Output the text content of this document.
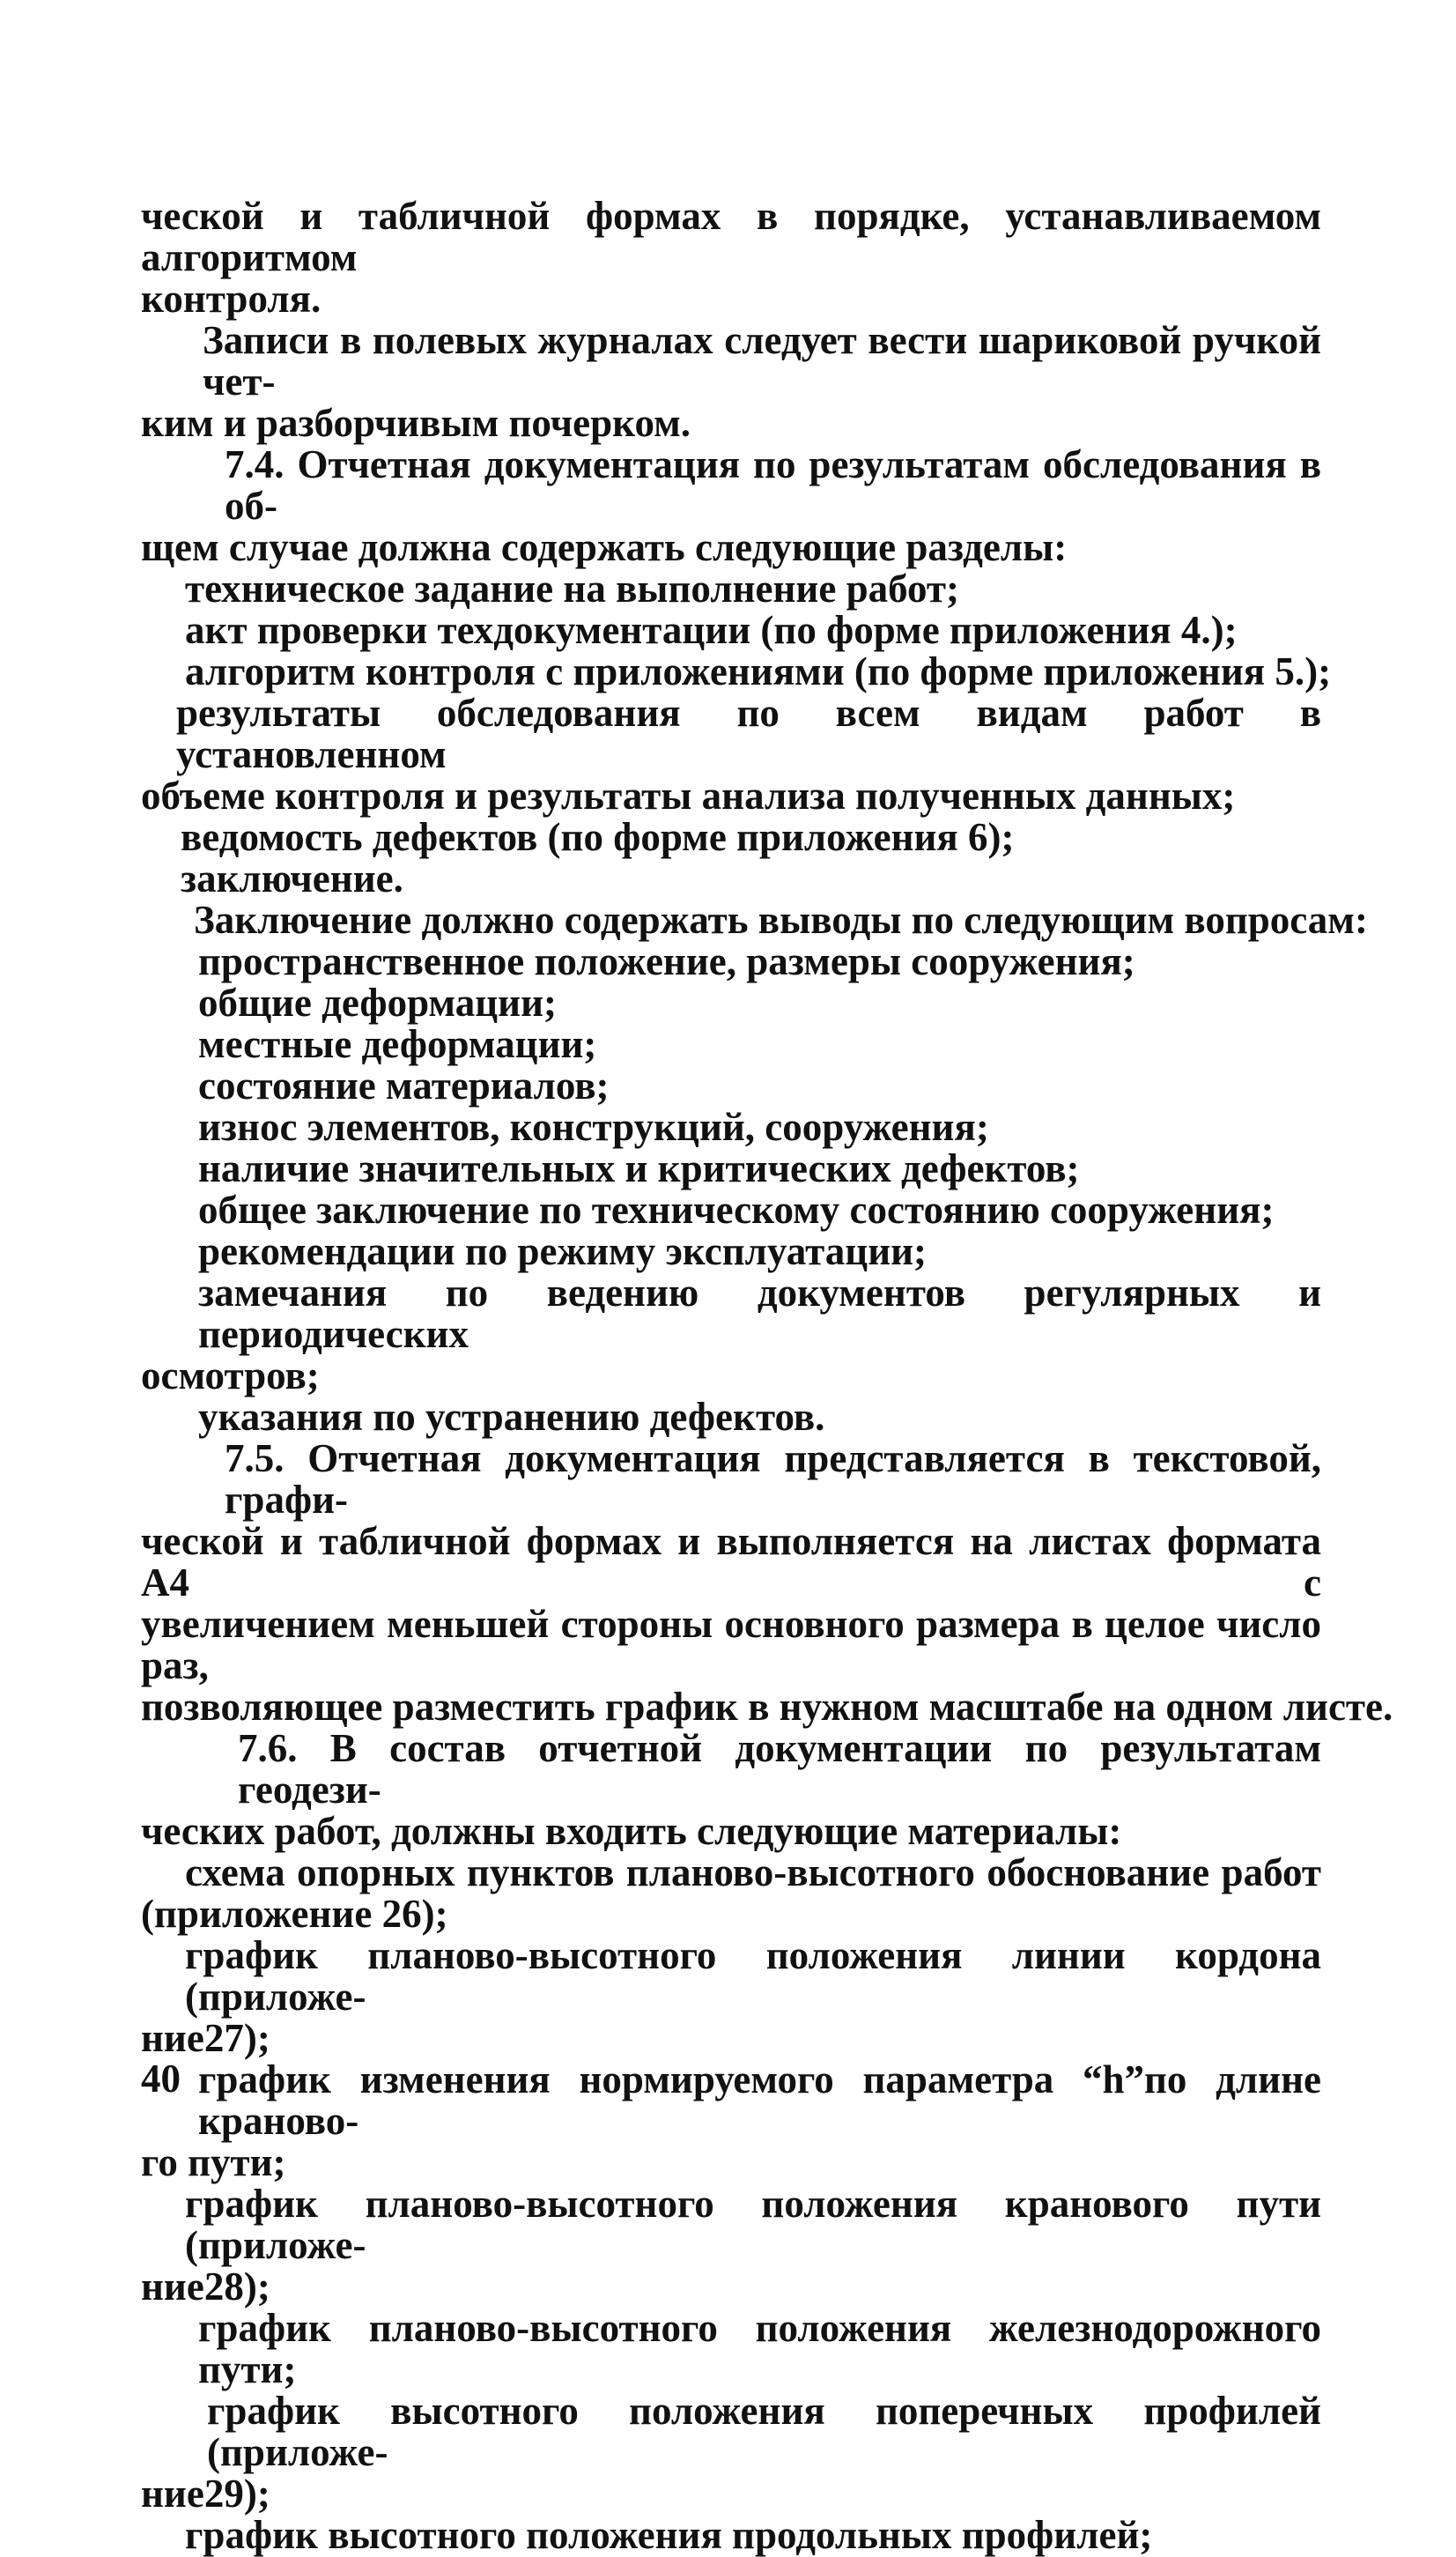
ческой и табличной формах в порядке, устанавливаемом алгоритмом

контроля.

Записи в полевых журналах следует вести шариковой ручкой чет-

ким и разборчивым почерком.

7.4. Отчетная документация по результатам обследования в об-

щем случае должна содержать следующие разделы:

техническое задание на выполнение работ;

акт проверки техдокументации (по форме приложения 4.);

алгоритм контроля с приложениями (по форме приложения 5.);

результаты обследования по всем видам работ в установленном

объеме контроля и результаты анализа полученных данных;

ведомость дефектов (по форме приложения 6);

заключение.

Заключение должно содержать выводы по следующим вопросам:

пространственное положение, размеры сооружения;

общие деформации;

местные деформации;

состояние материалов;

износ элементов, конструкций, сооружения;

наличие значительных и критических дефектов;

общее заключение по техническому состоянию сооружения;

рекомендации по режиму эксплуатации;

замечания по ведению документов регулярных и периодических

осмотров;

указания по устранению дефектов.

7.5. Отчетная документация представляется в текстовой, графи-

ческой и табличной формах и выполняется на листах формата А4 с

увеличением меньшей стороны основного размера в целое число раз,

позволяющее разместить график в нужном масштабе на одном листе.

7.6. В состав отчетной документации по результатам геодези-

ческих работ, должны входить следующие материалы:

схема опорных пунктов планово-высотного обоснование работ

(приложение 26);

график планово-высотного положения линии кордона (приложе-

ние27);

график изменения нормируемого параметра “h”по длине краново-

го пути;

график планово-высотного положения кранового пути (приложе-

ние28);

график планово-высотного положения железнодорожного пути;

график высотного положения поперечных профилей (приложе-

ние29);

график высотного положения продольных профилей;

40
